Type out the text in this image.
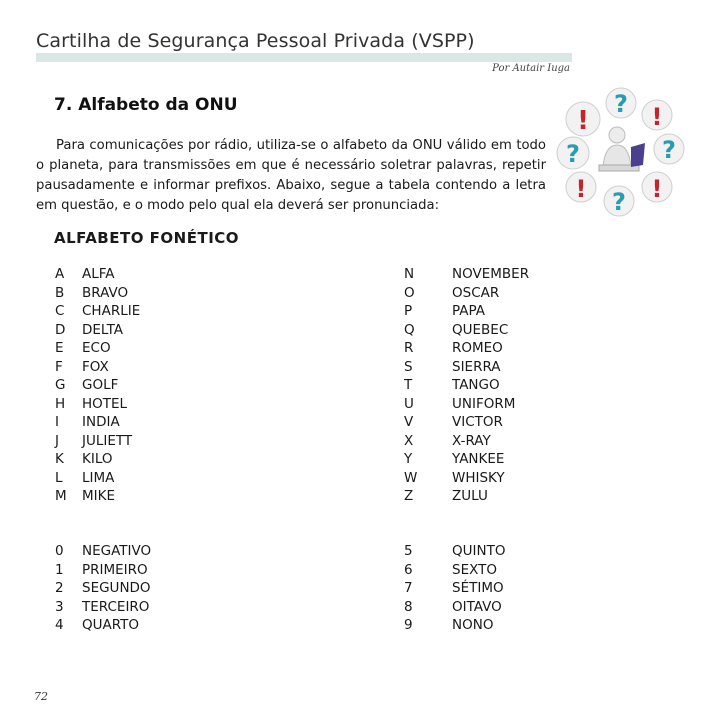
Cartilha de Segurança Pessoal Privada (VSPP)
Por Autair Iuga
7. Alfabeto da ONU

Para comunicações por rádio, utiliza-se o alfabeto da ONU válido em todo o planeta, para transmissões em que é necessário soletrar palavras, repetir pausadamente e informar prefixos. Abaixo, segue a tabela contendo a letra em questão, e o modo pelo qual ela deverá ser pronunciada:

!
? !
?	?
! ? !
ALFABETO FONÉTICO
A ALFA
B BRAVO
C CHARLIE
D DELTA
E ECO
F FOX
G GOLF
H HOTEL
I INDIA
J JULIETT
K KILO
L LIMA
M MIKE
N	NOVEMBER
O	OSCAR
P	PAPA
Q	QUEBEC
R	ROMEO
S	SIERRA
T	TANGO
U	UNIFORM
V	VICTOR
X	X-RAY
Y	YANKEE
W	WHISKY
Z	ZULU
0 NEGATIVO
1 PRIMEIRO
2 SEGUNDO
3 TERCEIRO
4 QUARTO
5	QUINTO
6	SEXTO
7	SÉTIMO
8	OITAVO
9	NONO
72
